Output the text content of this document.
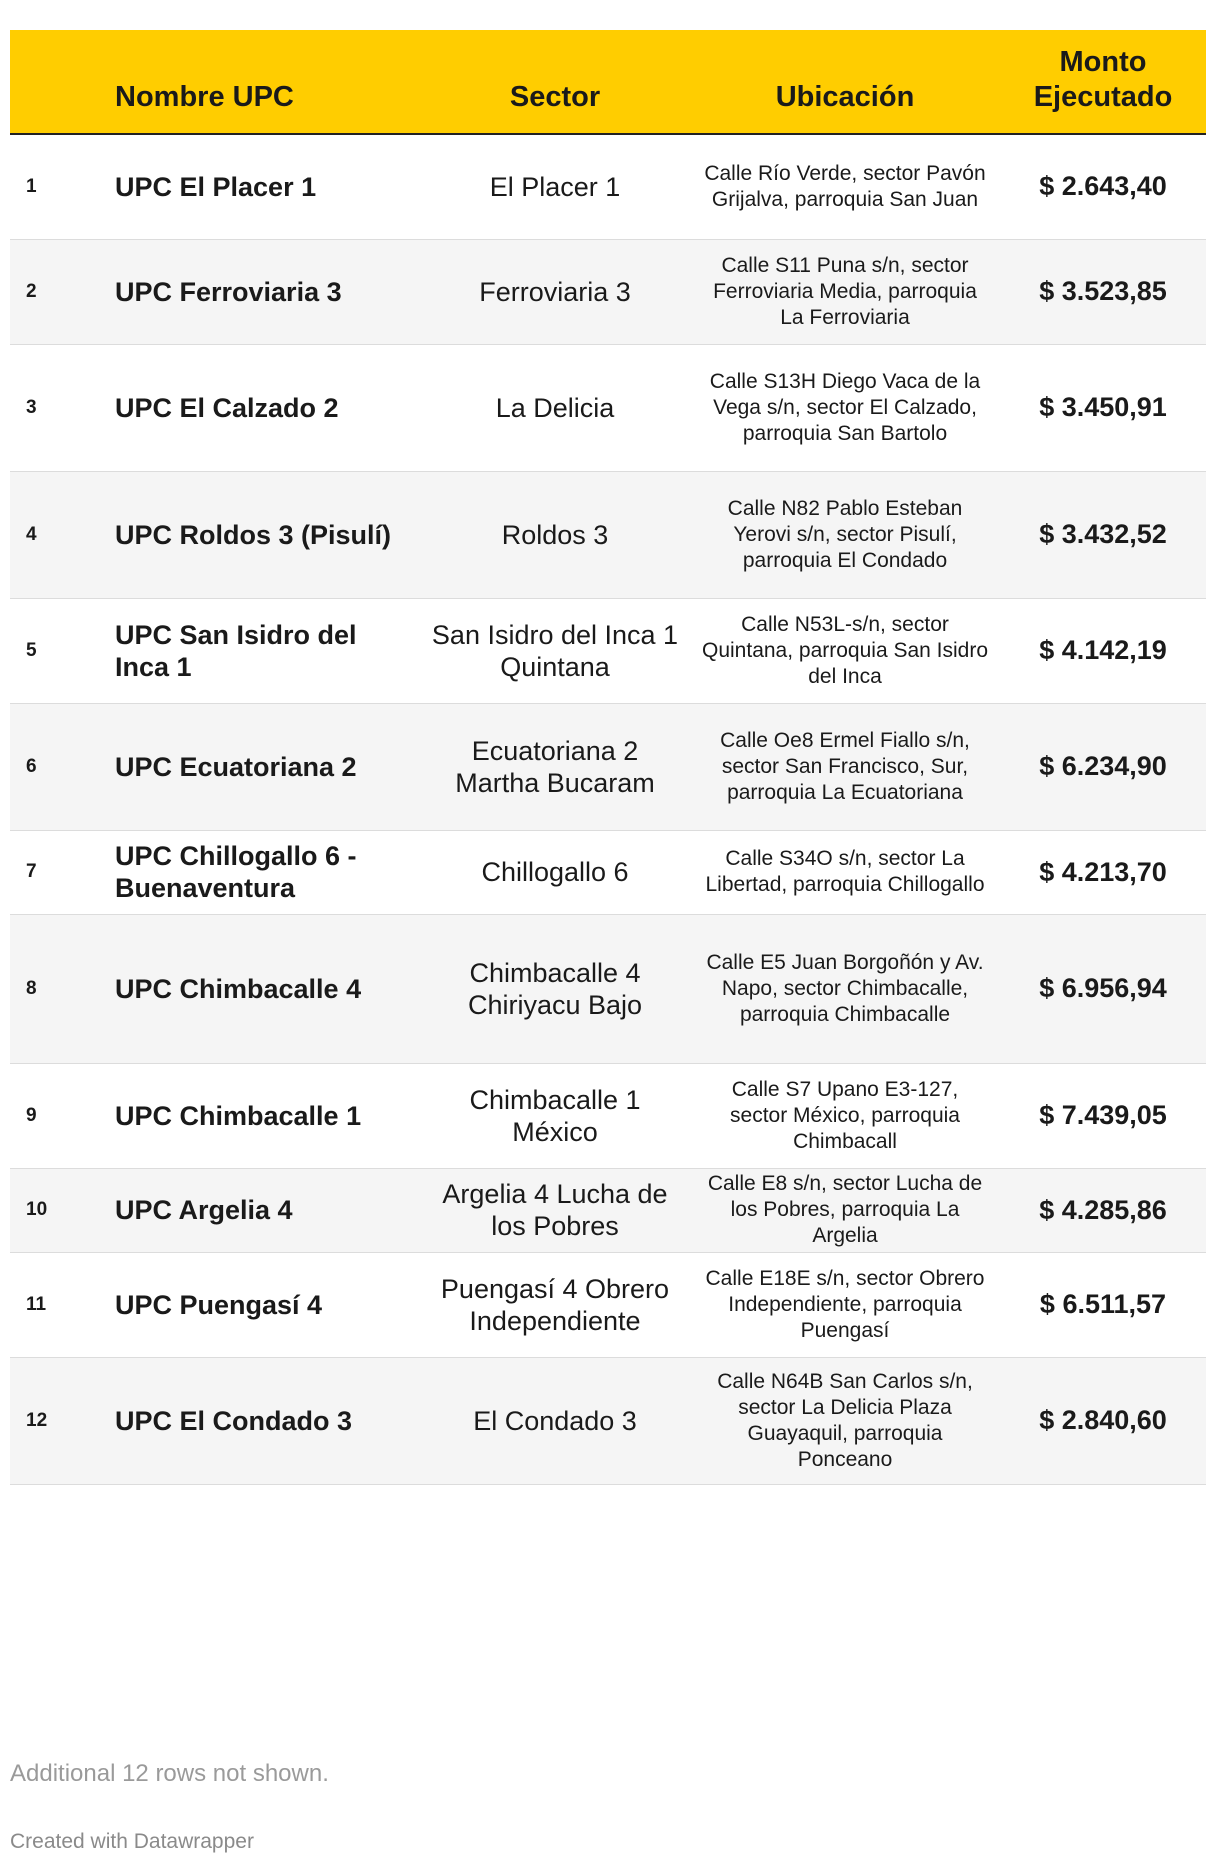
	Nombre UPC	Sector	Ubicación	Monto
Ejecutado
1	UPC El Placer 1	El Placer 1	Calle Río Verde, sector Pavón Grijalva, parroquia San Juan	$ 2.643,40
2	UPC Ferroviaria 3	Ferroviaria 3	Calle S11 Puna s/n, sector Ferroviaria Media, parroquia La Ferroviaria	$ 3.523,85
3	UPC El Calzado 2	La Delicia	Calle S13H Diego Vaca de la Vega s/n, sector El Calzado, parroquia San Bartolo	$ 3.450,91
4	UPC Roldos 3 (Pisulí)	Roldos 3	Calle N82 Pablo Esteban Yerovi s/n, sector Pisulí, parroquia El Condado	$ 3.432,52
5	UPC San Isidro del Inca 1	San Isidro del Inca 1 Quintana	Calle N53L-s/n, sector Quintana, parroquia San Isidro del Inca	$ 4.142,19
6	UPC Ecuatoriana 2	Ecuatoriana 2 Martha Bucaram	Calle Oe8 Ermel Fiallo s/n, sector San Francisco, Sur, parroquia La Ecuatoriana	$ 6.234,90
7	UPC Chillogallo 6 - Buenaventura	Chillogallo 6	Calle S34O s/n, sector La Libertad, parroquia Chillogallo	$ 4.213,70
8	UPC Chimbacalle 4	Chimbacalle 4 Chiriyacu Bajo	Calle E5 Juan Borgoñón y Av. Napo, sector Chimbacalle, parroquia Chimbacalle	$ 6.956,94
9	UPC Chimbacalle 1	Chimbacalle 1 México	Calle S7 Upano E3-127, sector México, parroquia Chimbacall	$ 7.439,05
10	UPC Argelia 4	Argelia 4 Lucha de los Pobres	Calle E8 s/n, sector Lucha de los Pobres, parroquia La Argelia	$ 4.285,86
11	UPC Puengasí 4	Puengasí 4 Obrero Independiente	Calle E18E s/n, sector Obrero Independiente, parroquia Puengasí	$ 6.511,57
12	UPC El Condado 3	El Condado 3	Calle N64B San Carlos s/n, sector La Delicia Plaza Guayaquil, parroquia Ponceano	$ 2.840,60
Additional 12 rows not shown.
Created with Datawrapper
